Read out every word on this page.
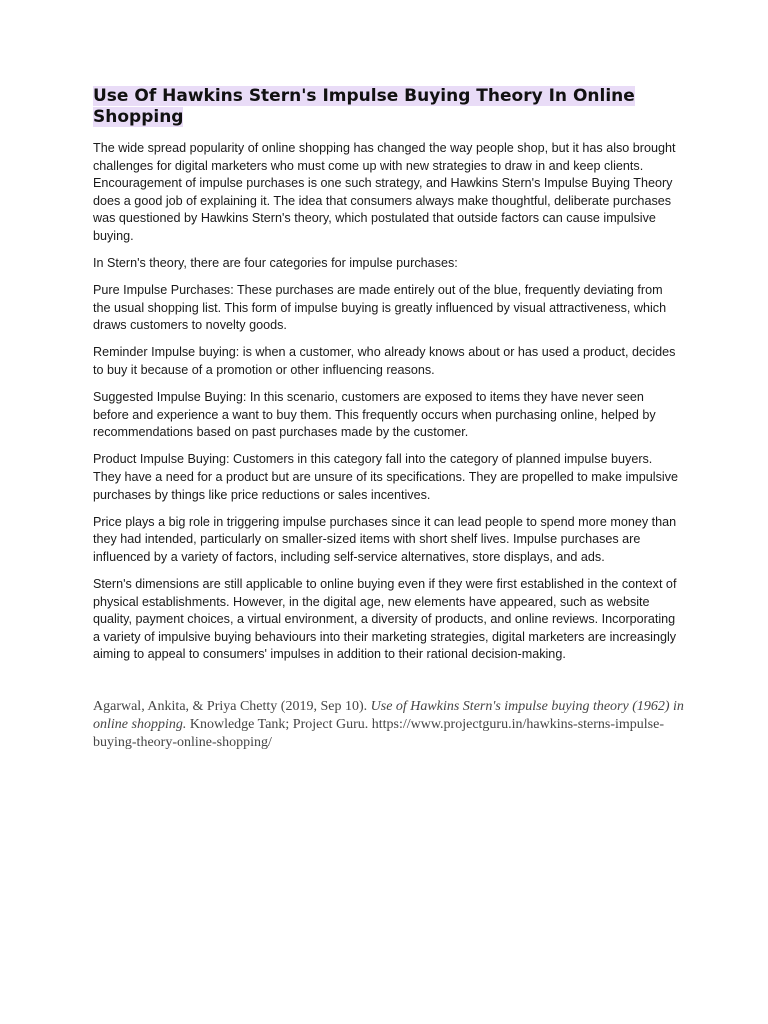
Use Of Hawkins Stern's Impulse Buying Theory In Online Shopping

The wide spread popularity of online shopping has changed the way people shop, but it has also brought challenges for digital marketers who must come up with new strategies to draw in and keep clients. Encouragement of impulse purchases is one such strategy, and Hawkins Stern's Impulse Buying Theory does a good job of explaining it. The idea that consumers always make thoughtful, deliberate purchases was questioned by Hawkins Stern's theory, which postulated that outside factors can cause impulsive buying.

In Stern's theory, there are four categories for impulse purchases:

Pure Impulse Purchases: These purchases are made entirely out of the blue, frequently deviating from the usual shopping list. This form of impulse buying is greatly influenced by visual attractiveness, which draws customers to novelty goods.

Reminder Impulse buying: is when a customer, who already knows about or has used a product, decides to buy it because of a promotion or other influencing reasons.

Suggested Impulse Buying: In this scenario, customers are exposed to items they have never seen before and experience a want to buy them. This frequently occurs when purchasing online, helped by recommendations based on past purchases made by the customer.

Product Impulse Buying: Customers in this category fall into the category of planned impulse buyers. They have a need for a product but are unsure of its specifications. They are propelled to make impulsive purchases by things like price reductions or sales incentives.

Price plays a big role in triggering impulse purchases since it can lead people to spend more money than they had intended, particularly on smaller-sized items with short shelf lives. Impulse purchases are influenced by a variety of factors, including self-service alternatives, store displays, and ads.

Stern's dimensions are still applicable to online buying even if they were first established in the context of physical establishments. However, in the digital age, new elements have appeared, such as website quality, payment choices, a virtual environment, a diversity of products, and online reviews. Incorporating a variety of impulsive buying behaviours into their marketing strategies, digital marketers are increasingly aiming to appeal to consumers' impulses in addition to their rational decision-making.

Agarwal, Ankita, & Priya Chetty (2019, Sep 10). Use of Hawkins Stern's impulse buying theory (1962) in online shopping. Knowledge Tank; Project Guru. https://www.projectguru.in/hawkins-sterns-impulse-buying-theory-online-shopping/
